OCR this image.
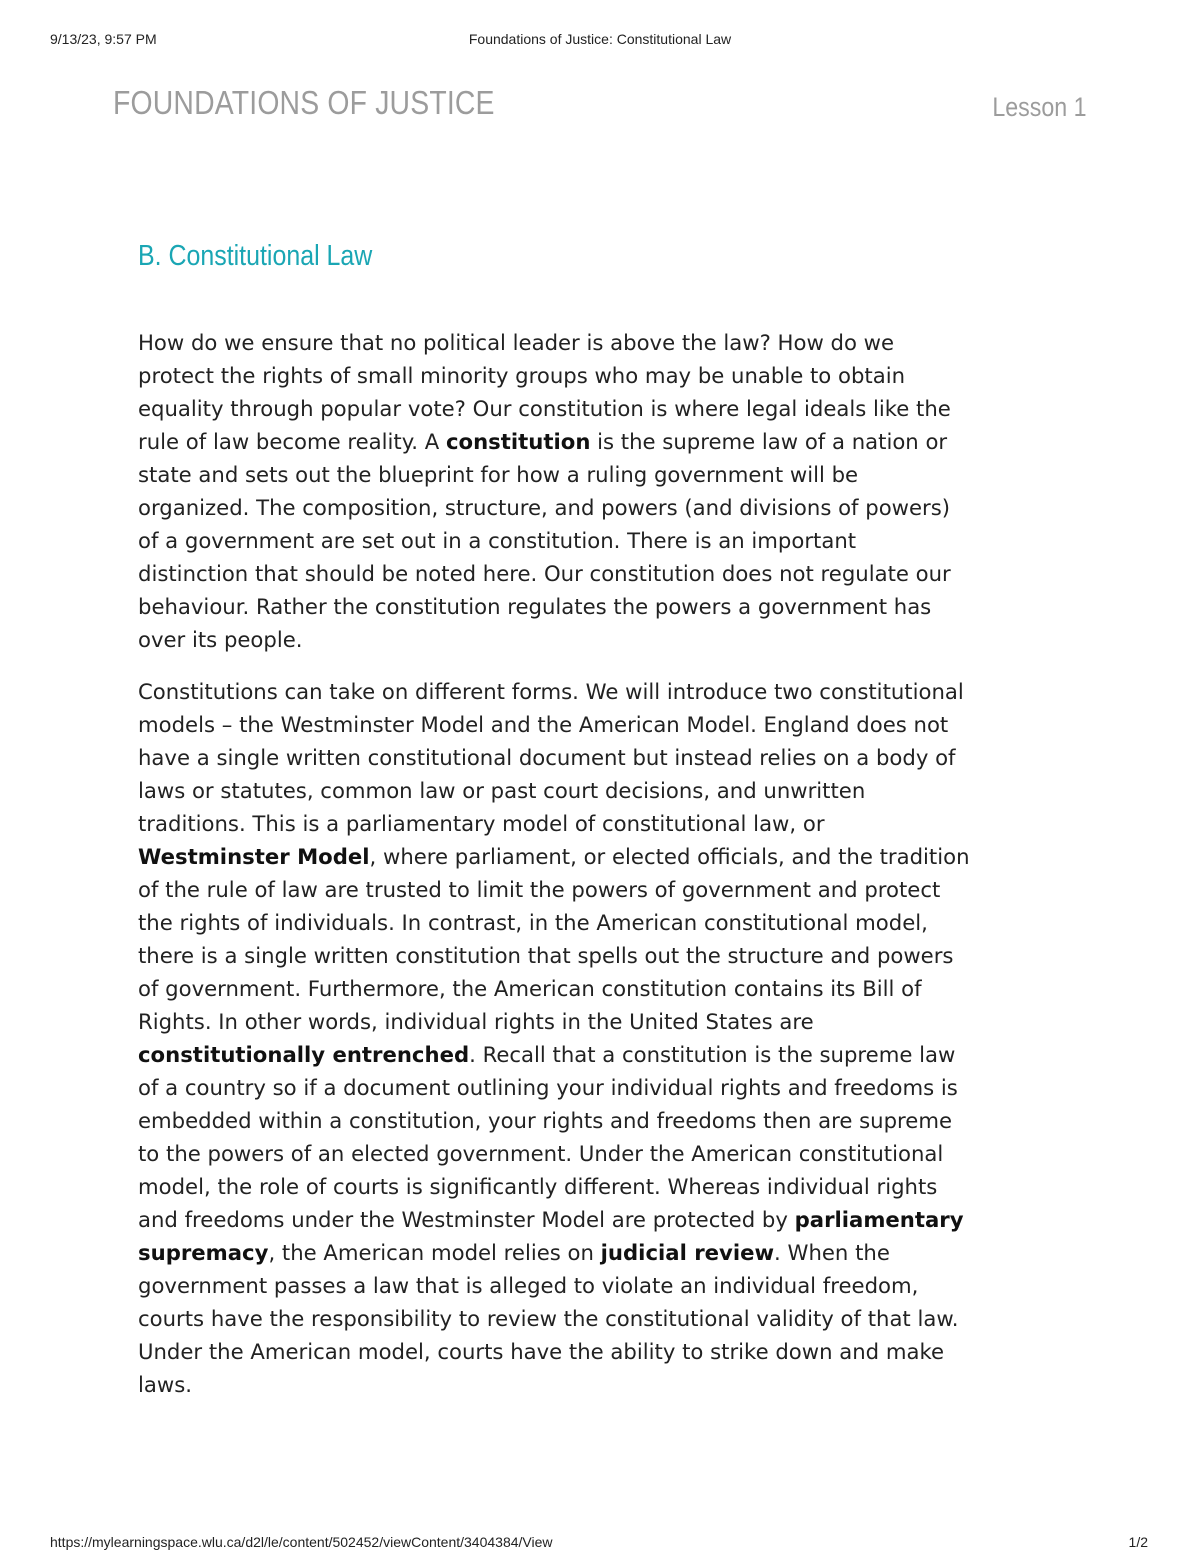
9/13/23, 9:57 PM	Foundations of Justice: Constitutional Law
FOUNDATIONS OF JUSTICE	Lesson 1
B. Constitutional Law
How do we ensure that no political leader is above the law? How do we
protect the rights of small minority groups who may be unable to obtain
equality through popular vote? Our constitution is where legal ideals like the
rule of law become reality. A constitution is the supreme law of a nation or
state and sets out the blueprint for how a ruling government will be
organized. The composition, structure, and powers (and divisions of powers)
of a government are set out in a constitution. There is an important
distinction that should be noted here. Our constitution does not regulate our
behaviour. Rather the constitution regulates the powers a government has
over its people.
Constitutions can take on different forms. We will introduce two constitutional
models – the Westminster Model and the American Model. England does not
have a single written constitutional document but instead relies on a body of
laws or statutes, common law or past court decisions, and unwritten
traditions. This is a parliamentary model of constitutional law, or
Westminster Model, where parliament, or elected officials, and the tradition
of the rule of law are trusted to limit the powers of government and protect
the rights of individuals. In contrast, in the American constitutional model,
there is a single written constitution that spells out the structure and powers
of government. Furthermore, the American constitution contains its Bill of
Rights. In other words, individual rights in the United States are
constitutionally entrenched. Recall that a constitution is the supreme law
of a country so if a document outlining your individual rights and freedoms is
embedded within a constitution, your rights and freedoms then are supreme
to the powers of an elected government. Under the American constitutional
model, the role of courts is significantly different. Whereas individual rights
and freedoms under the Westminster Model are protected by parliamentary
supremacy, the American model relies on judicial review. When the
government passes a law that is alleged to violate an individual freedom,
courts have the responsibility to review the constitutional validity of that law.
Under the American model, courts have the ability to strike down and make
laws.
https://mylearningspace.wlu.ca/d2l/le/content/502452/viewContent/3404384/View	1/2
